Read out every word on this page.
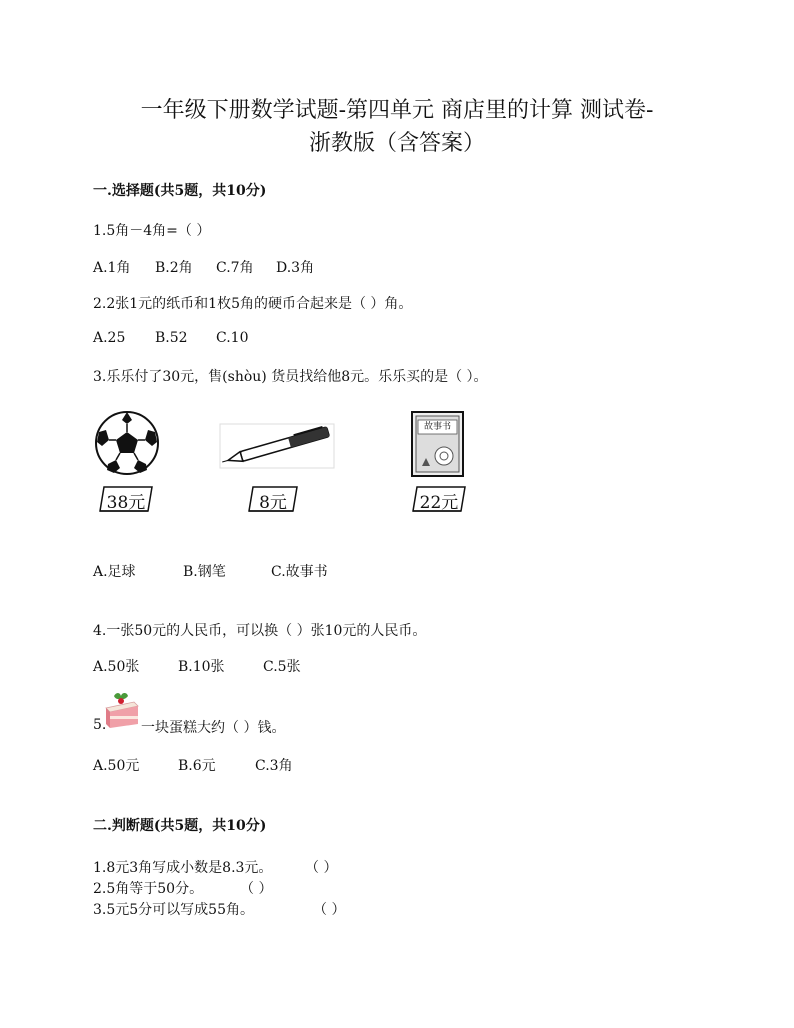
一年级下册数学试题-第四单元 商店里的计算 测试卷-
浙教版（含答案）
一.选择题(共5题，共10分)
1.5角－4角=（ ）
A.1角 B.2角 C.7角 D.3角
2.2张1元的纸币和1枚5角的硬币合起来是（ ）角。
A.25 B.52 C.10
3.乐乐付了30元，售(shòu) 货员找给他8元。乐乐买的是（ ）。
故事书
38元	8元	22元
A.足球	B.钢笔	C.故事书
4.一张50元的人民币，可以换（ ）张10元的人民币。
A.50张	B.10张	C.5张
5. 一块蛋糕大约（ ）钱。
A.50元	B.6元	C.3角
二.判断题(共5题，共10分)
1.8元3角写成小数是8.3元。 （ ）
2.5角等于50分。	（ ）
3.5元5分可以写成55角。	（ ）
